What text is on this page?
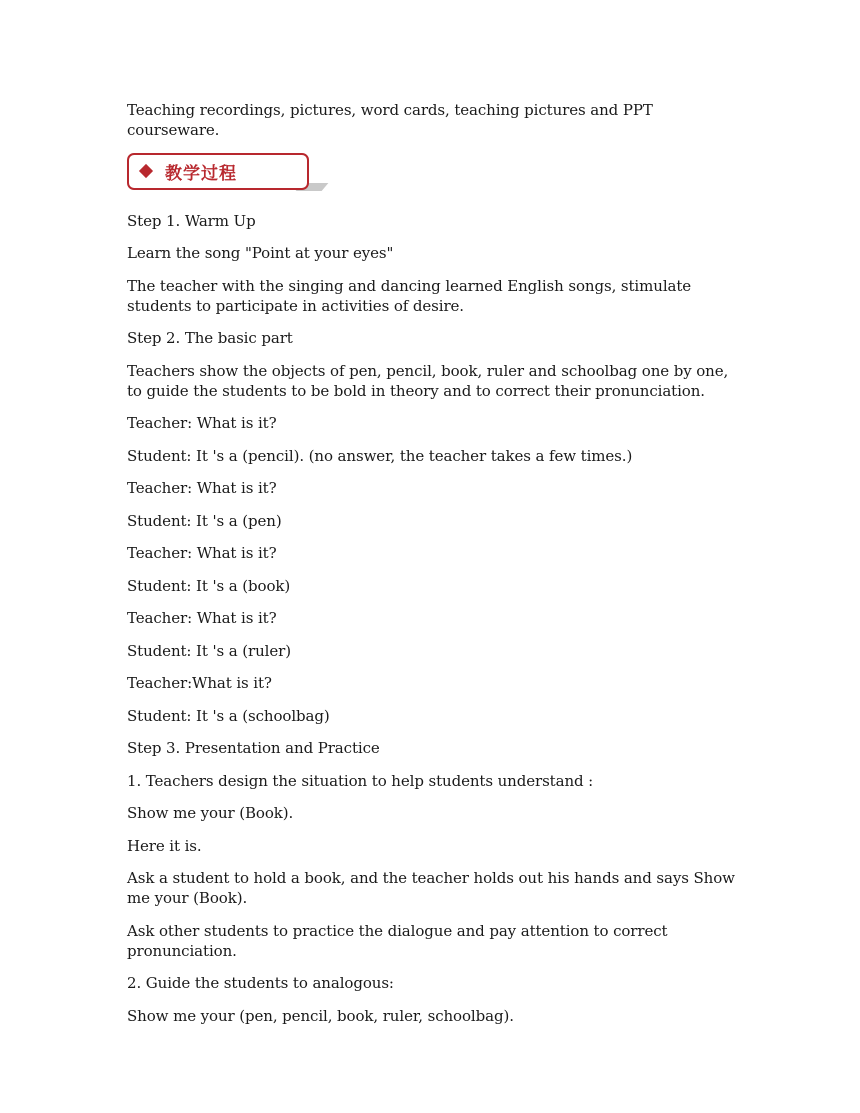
Teaching recordings, pictures, word cards, teaching pictures and PPT courseware.

教学过程

Step 1. Warm Up

Learn the song "Point at your eyes"

The teacher with the singing and dancing learned English songs, stimulate students to participate in activities of desire.

Step 2. The basic part

Teachers show the objects of pen, pencil, book, ruler and schoolbag one by one, to guide the students to be bold in theory and to correct their pronunciation.

Teacher: What is it?

Student: It 's a (pencil). (no answer, the teacher takes a few times.)

Teacher: What is it?

Student: It 's a (pen)

Teacher: What is it?

Student: It 's a (book)

Teacher: What is it?

Student: It 's a (ruler)

Teacher:What is it?

Student: It 's a (schoolbag)

Step 3. Presentation and Practice

1. Teachers design the situation to help students understand :

Show me your (Book).

Here it is.

Ask a student to hold a book, and the teacher holds out his hands and says Show me your (Book).

Ask other students to practice the dialogue and pay attention to correct pronunciation.

2. Guide the students to analogous:

Show me your (pen, pencil, book, ruler, schoolbag).
